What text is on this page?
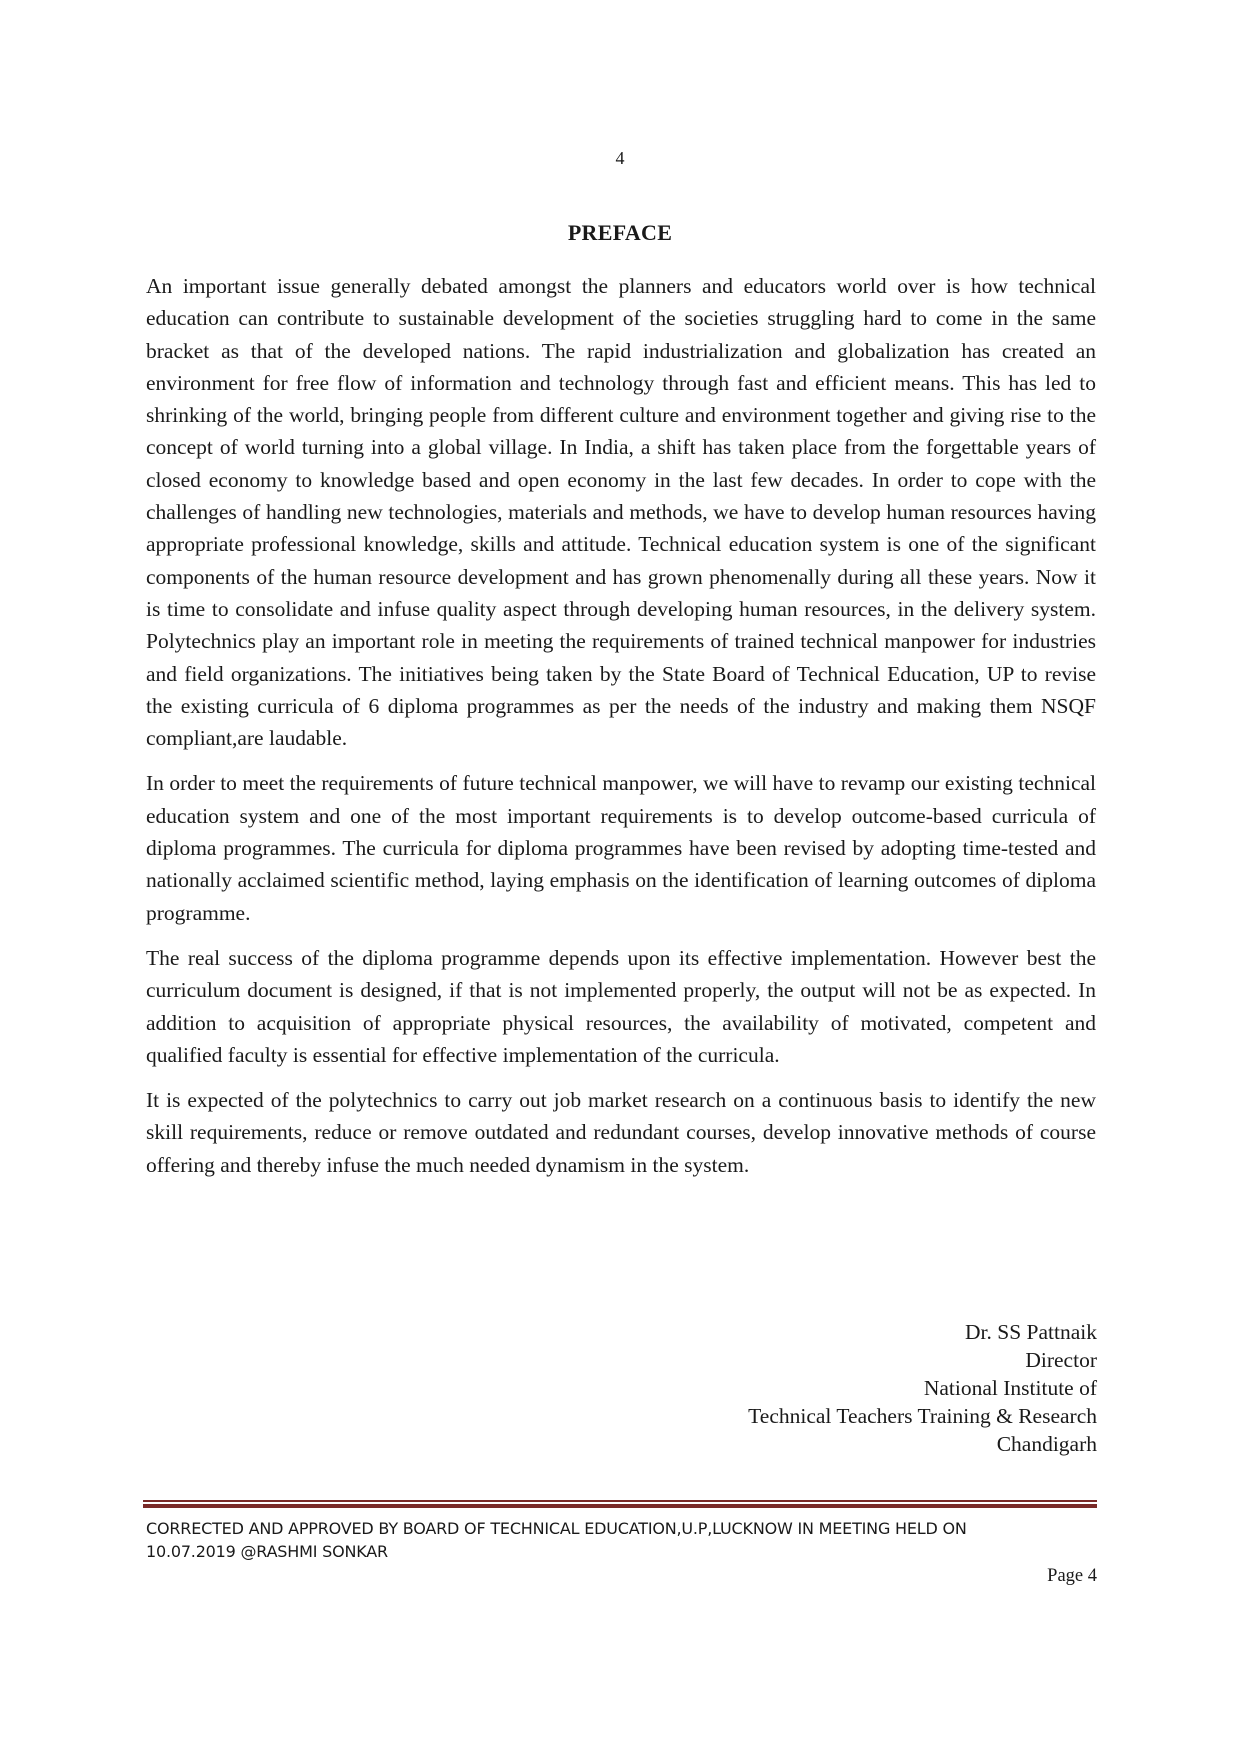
4
PREFACE

An important issue generally debated amongst the planners and educators world over is how technical education can contribute to sustainable development of the societies struggling hard to come in the same bracket as that of the developed nations. The rapid industrialization and globalization has created an environment for free flow of information and technology through fast and efficient means. This has led to shrinking of the world, bringing people from different culture and environment together and giving rise to the concept of world turning into a global village. In India, a shift has taken place from the forgettable years of closed economy to knowledge based and open economy in the last few decades. In order to cope with the challenges of handling new technologies, materials and methods, we have to develop human resources having appropriate professional knowledge, skills and attitude. Technical education system is one of the significant components of the human resource development and has grown phenomenally during all these years. Now it is time to consolidate and infuse quality aspect through developing human resources, in the delivery system. Polytechnics play an important role in meeting the requirements of trained technical manpower for industries and field organizations. The initiatives being taken by the State Board of Technical Education, UP to revise the existing curricula of 6 diploma programmes as per the needs of the industry and making them NSQF compliant,are laudable.

In order to meet the requirements of future technical manpower, we will have to revamp our existing technical education system and one of the most important requirements is to develop outcome-based curricula of diploma programmes. The curricula for diploma programmes have been revised by adopting time-tested and nationally acclaimed scientific method, laying emphasis on the identification of learning outcomes of diploma programme.

The real success of the diploma programme depends upon its effective implementation. However best the curriculum document is designed, if that is not implemented properly, the output will not be as expected. In addition to acquisition of appropriate physical resources, the availability of motivated, competent and qualified faculty is essential for effective implementation of the curricula.

It is expected of the polytechnics to carry out job market research on a continuous basis to identify the new skill requirements, reduce or remove outdated and redundant courses, develop innovative methods of course offering and thereby infuse the much needed dynamism in the system.

Dr. SS Pattnaik
Director
National Institute of
Technical Teachers Training & Research
Chandigarh
CORRECTED AND APPROVED BY BOARD OF TECHNICAL EDUCATION,U.P,LUCKNOW IN MEETING HELD ON
10.07.2019 @RASHMI SONKAR
Page 4
